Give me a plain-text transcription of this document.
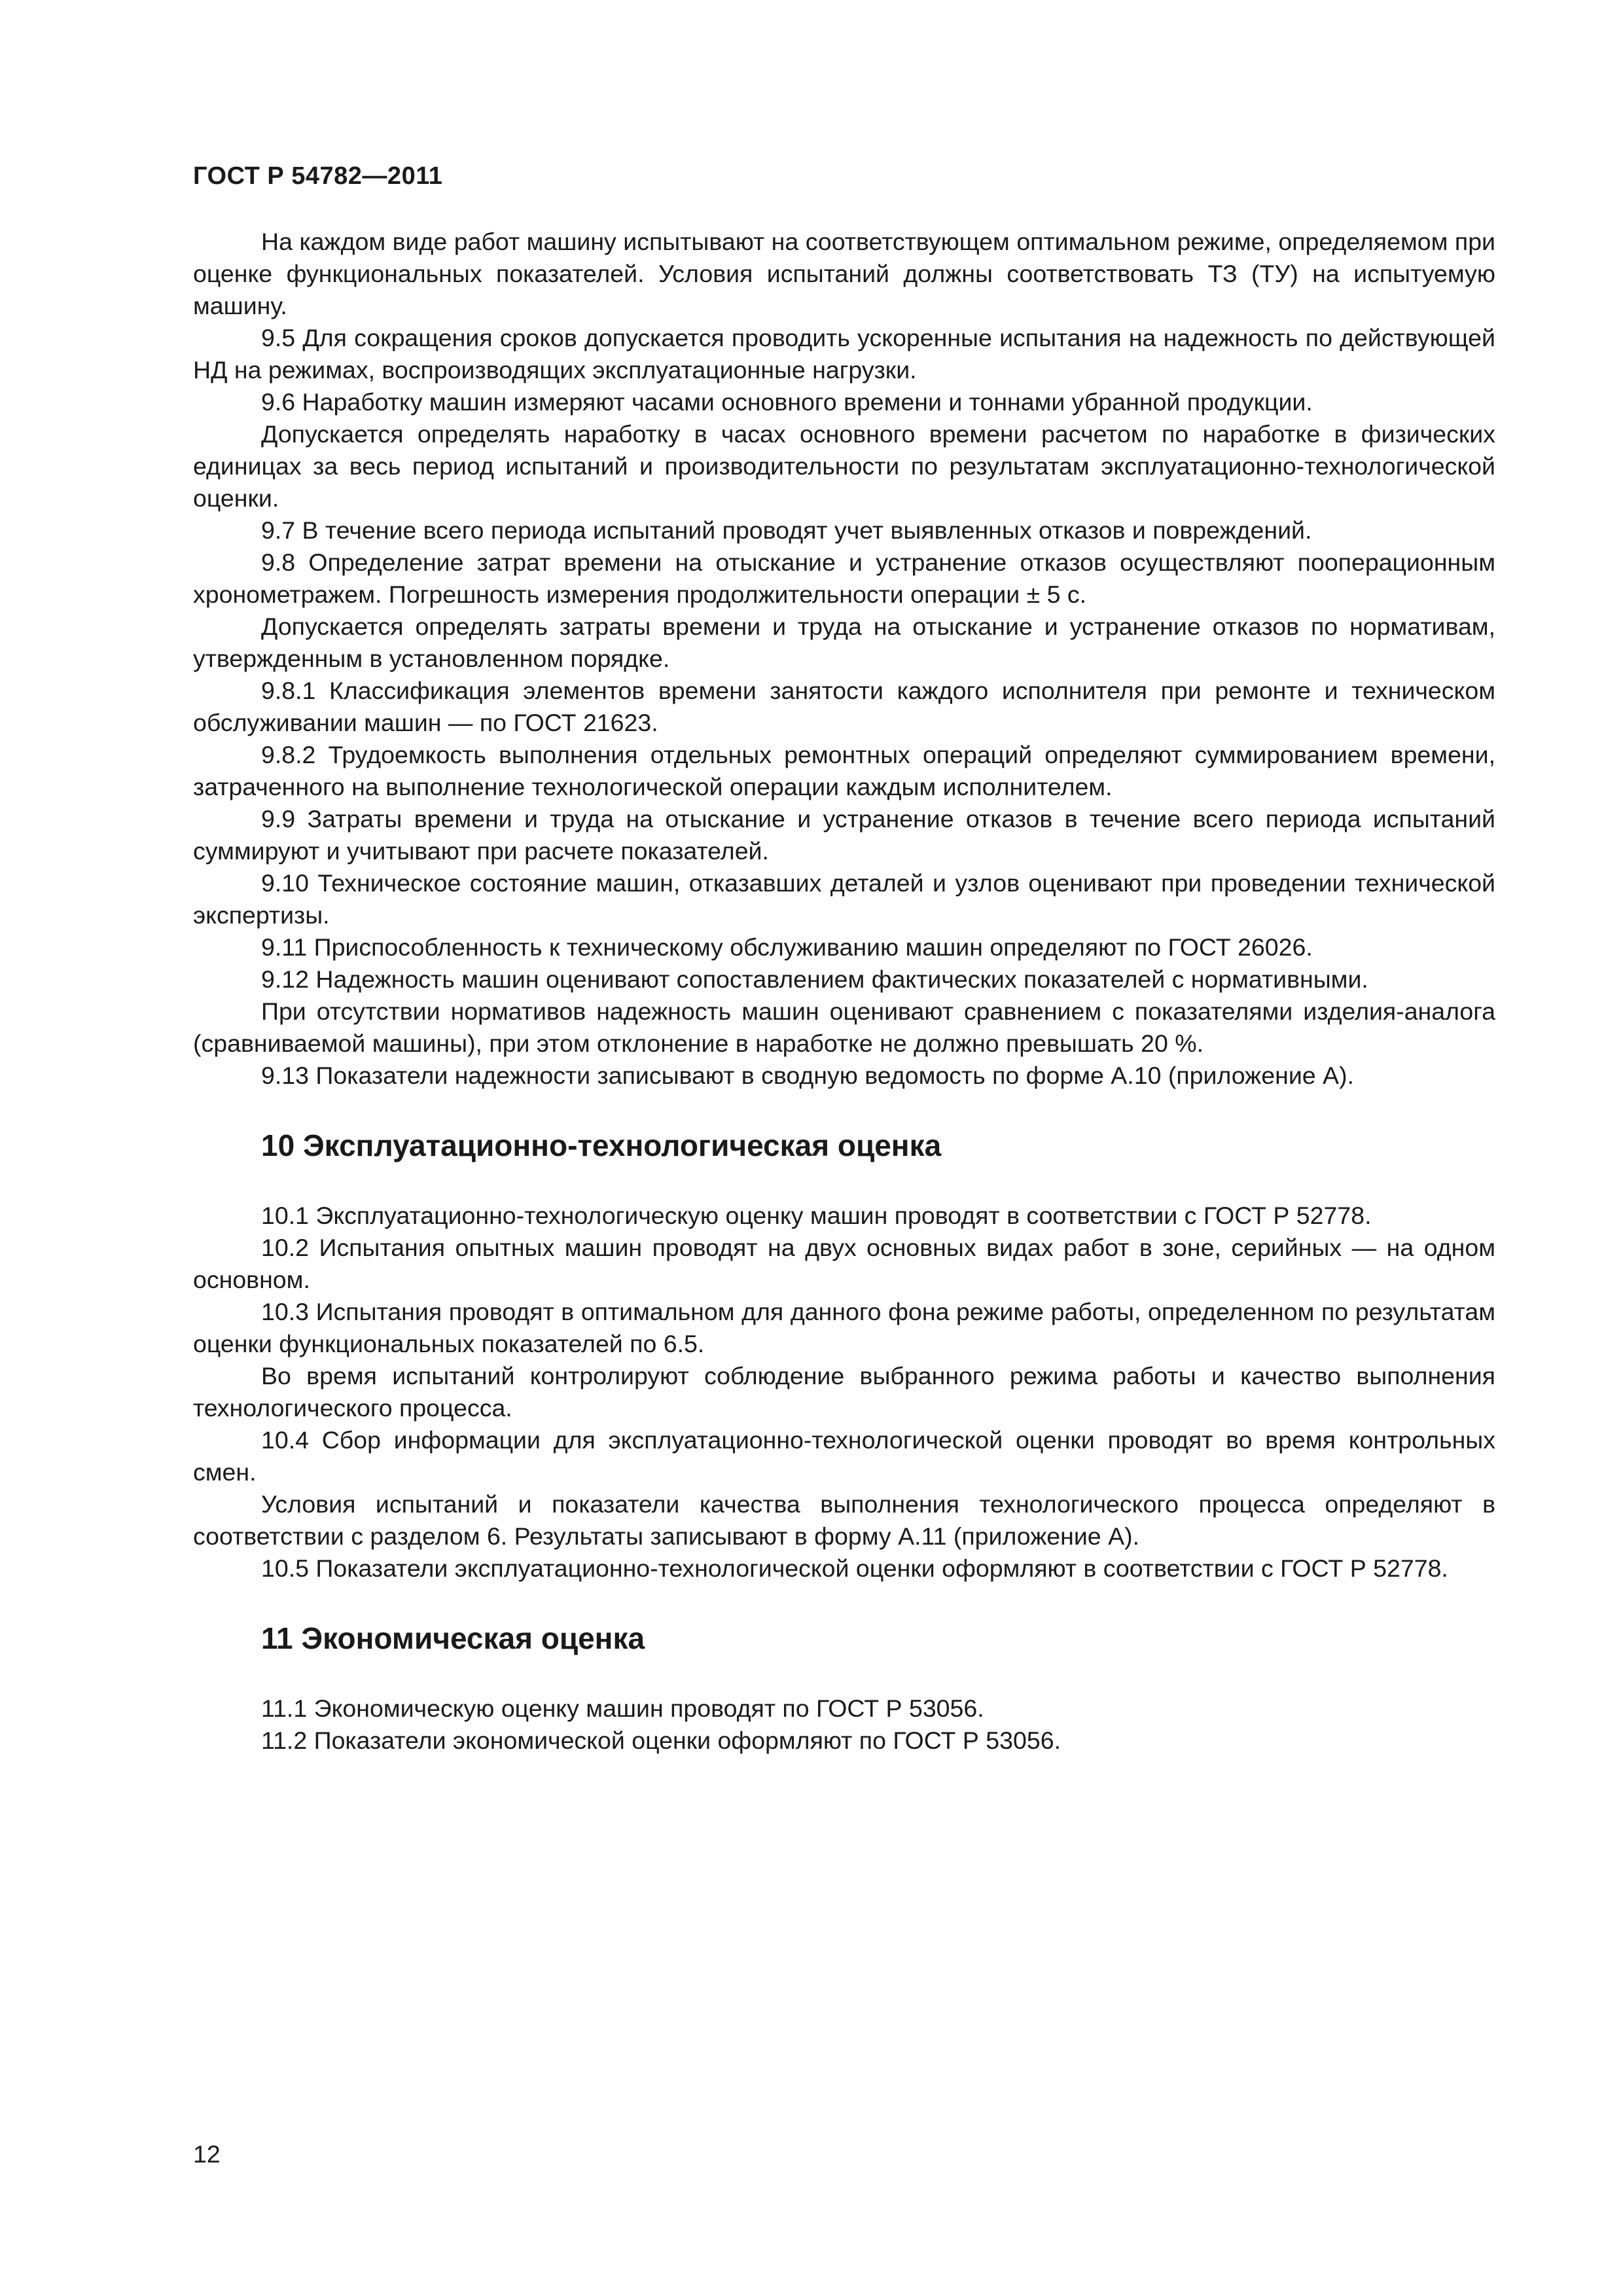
ГОСТ Р 54782—2011

На каждом виде работ машину испытывают на соответствующем оптимальном режиме, определяемом при оценке функциональных показателей. Условия испытаний должны соответствовать ТЗ (ТУ) на испытуемую машину.

9.5 Для сокращения сроков допускается проводить ускоренные испытания на надежность по действующей НД на режимах, воспроизводящих эксплуатационные нагрузки.

9.6 Наработку машин измеряют часами основного времени и тоннами убранной продукции.

Допускается определять наработку в часах основного времени расчетом по наработке в физических единицах за весь период испытаний и производительности по результатам эксплуатационно-технологической оценки.

9.7 В течение всего периода испытаний проводят учет выявленных отказов и повреждений.

9.8 Определение затрат времени на отыскание и устранение отказов осуществляют пооперационным хронометражем. Погрешность измерения продолжительности операции ± 5 с.

Допускается определять затраты времени и труда на отыскание и устранение отказов по нормативам, утвержденным в установленном порядке.

9.8.1 Классификация элементов времени занятости каждого исполнителя при ремонте и техническом обслуживании машин — по ГОСТ 21623.

9.8.2 Трудоемкость выполнения отдельных ремонтных операций определяют суммированием времени, затраченного на выполнение технологической операции каждым исполнителем.

9.9 Затраты времени и труда на отыскание и устранение отказов в течение всего периода испытаний суммируют и учитывают при расчете показателей.

9.10 Техническое состояние машин, отказавших деталей и узлов оценивают при проведении технической экспертизы.

9.11 Приспособленность к техническому обслуживанию машин определяют по ГОСТ 26026.

9.12 Надежность машин оценивают сопоставлением фактических показателей с нормативными.

При отсутствии нормативов надежность машин оценивают сравнением с показателями изделия-аналога (сравниваемой машины), при этом отклонение в наработке не должно превышать 20 %.

9.13 Показатели надежности записывают в сводную ведомость по форме А.10 (приложение А).

10 Эксплуатационно-технологическая оценка

10.1 Эксплуатационно-технологическую оценку машин проводят в соответствии с ГОСТ Р 52778.

10.2 Испытания опытных машин проводят на двух основных видах работ в зоне, серийных — на одном основном.

10.3 Испытания проводят в оптимальном для данного фона режиме работы, определенном по результатам оценки функциональных показателей по 6.5.

Во время испытаний контролируют соблюдение выбранного режима работы и качество выполнения технологического процесса.

10.4 Сбор информации для эксплуатационно-технологической оценки проводят во время контрольных смен.

Условия испытаний и показатели качества выполнения технологического процесса определяют в соответствии с разделом 6. Результаты записывают в форму А.11 (приложение А).

10.5 Показатели эксплуатационно-технологической оценки оформляют в соответствии с ГОСТ Р 52778.

11 Экономическая оценка

11.1 Экономическую оценку машин проводят по ГОСТ Р 53056.

11.2 Показатели экономической оценки оформляют по ГОСТ Р 53056.

12
